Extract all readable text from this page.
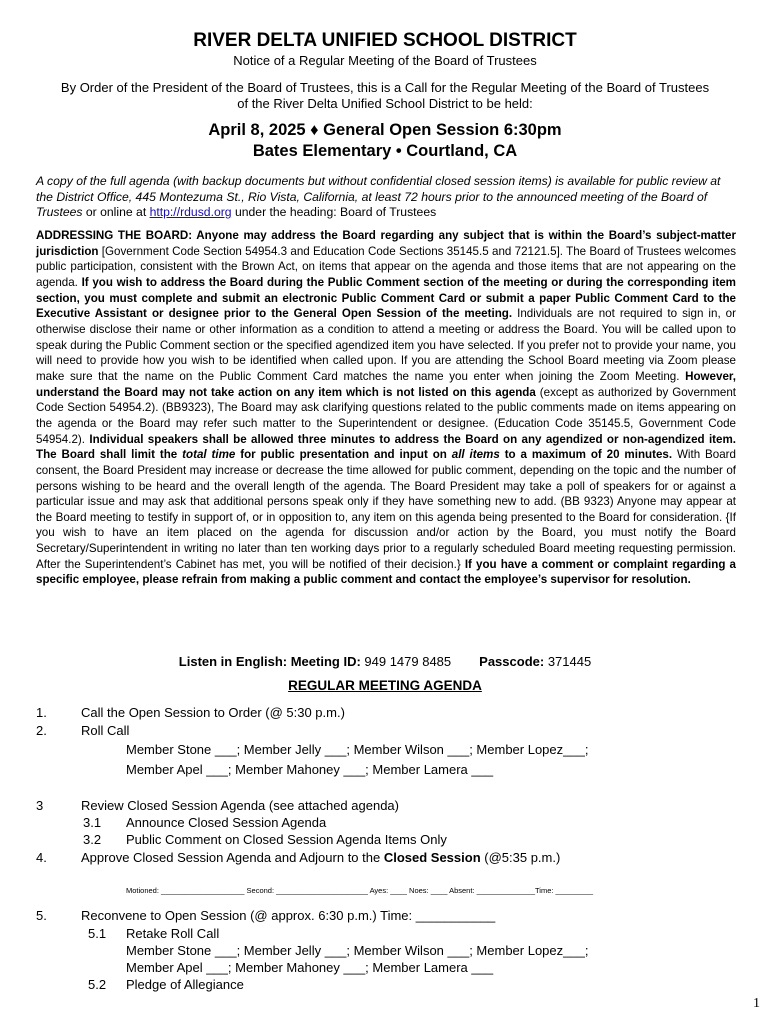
RIVER DELTA UNIFIED SCHOOL DISTRICT
Notice of a Regular Meeting of the Board of Trustees
By Order of the President of the Board of Trustees, this is a Call for the Regular Meeting of the Board of Trustees of the River Delta Unified School District to be held:
April 8, 2025 ♦ General Open Session 6:30pm
Bates Elementary • Courtland, CA
A copy of the full agenda (with backup documents but without confidential closed session items) is available for public review at the District Office, 445 Montezuma St., Rio Vista, California, at least 72 hours prior to the announced meeting of the Board of Trustees or online at http://rdusd.org under the heading: Board of Trustees
ADDRESSING THE BOARD: Anyone may address the Board regarding any subject that is within the Board’s subject-matter jurisdiction [Government Code Section 54954.3 and Education Code Sections 35145.5 and 72121.5]. The Board of Trustees welcomes public participation, consistent with the Brown Act, on items that appear on the agenda and those items that are not appearing on the agenda. If you wish to address the Board during the Public Comment section of the meeting or during the corresponding item section, you must complete and submit an electronic Public Comment Card or submit a paper Public Comment Card to the Executive Assistant or designee prior to the General Open Session of the meeting. Individuals are not required to sign in, or otherwise disclose their name or other information as a condition to attend a meeting or address the Board. You will be called upon to speak during the Public Comment section or the specified agendized item you have selected. If you prefer not to provide your name, you will need to provide how you wish to be identified when called upon. If you are attending the School Board meeting via Zoom please make sure that the name on the Public Comment Card matches the name you enter when joining the Zoom Meeting. However, understand the Board may not take action on any item which is not listed on this agenda (except as authorized by Government Code Section 54954.2). (BB9323), The Board may ask clarifying questions related to the public comments made on items appearing on the agenda or the Board may refer such matter to the Superintendent or designee. (Education Code 35145.5, Government Code 54954.2). Individual speakers shall be allowed three minutes to address the Board on any agendized or non-agendized item. The Board shall limit the total time for public presentation and input on all items to a maximum of 20 minutes. With Board consent, the Board President may increase or decrease the time allowed for public comment, depending on the topic and the number of persons wishing to be heard and the overall length of the agenda. The Board President may take a poll of speakers for or against a particular issue and may ask that additional persons speak only if they have something new to add. (BB 9323) Anyone may appear at the Board meeting to testify in support of, or in opposition to, any item on this agenda being presented to the Board for consideration. {If you wish to have an item placed on the agenda for discussion and/or action by the Board, you must notify the Board Secretary/Superintendent in writing no later than ten working days prior to a regularly scheduled Board meeting requesting permission. After the Superintendent’s Cabinet has met, you will be notified of their decision.} If you have a comment or complaint regarding a specific employee, please refrain from making a public comment and contact the employee’s supervisor for resolution.
Listen in English: Meeting ID: 949 1479 8485 Passcode: 371445
REGULAR MEETING AGENDA
1.	Call the Open Session to Order (@ 5:30 p.m.)
2.	Roll Call
Member Stone ___; Member Jelly ___; Member Wilson ___; Member Lopez___;
Member Apel ___; Member Mahoney ___; Member Lamera ___
3	Review Closed Session Agenda (see attached agenda)
3.1 Announce Closed Session Agenda
3.2 Public Comment on Closed Session Agenda Items Only
4.	Approve Closed Session Agenda and Adjourn to the Closed Session (@5:35 p.m.)
Motioned: ____________________ Second: ______________________ Ayes: ____ Noes: ____ Absent: ______________Time: _________
5.	Reconvene to Open Session (@ approx. 6:30 p.m.) Time: ___________
5.1 Retake Roll Call
Member Stone ___; Member Jelly ___; Member Wilson ___; Member Lopez___;
Member Apel ___; Member Mahoney ___; Member Lamera ___
5.2 Pledge of Allegiance
1
